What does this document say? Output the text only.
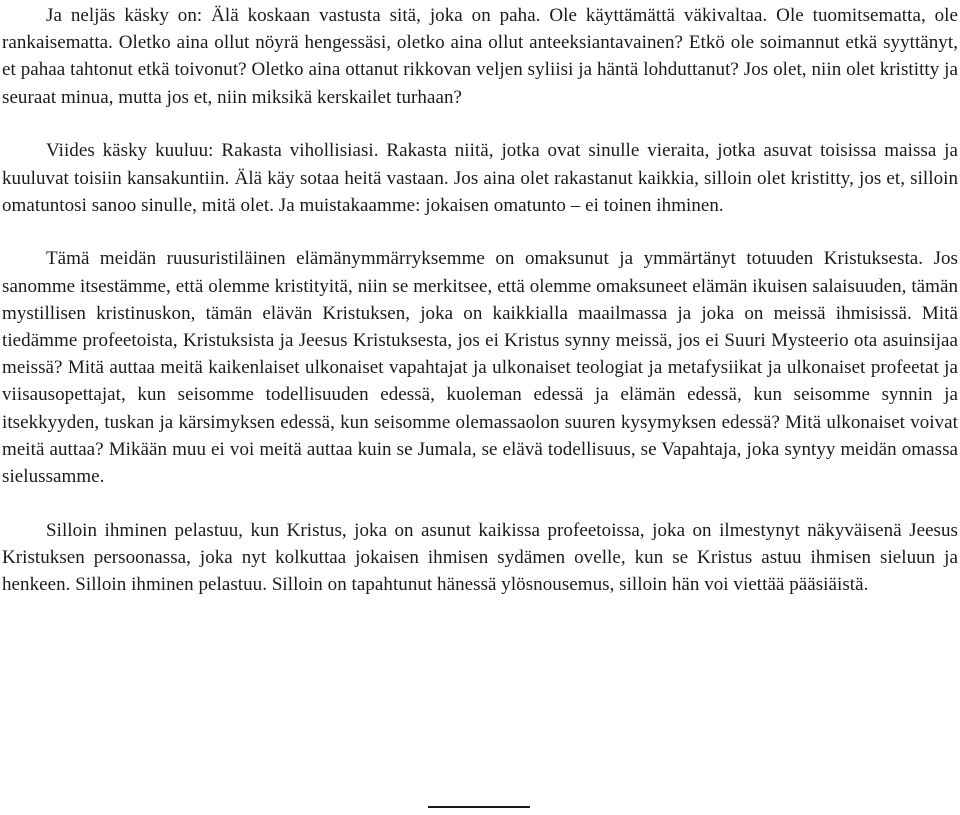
Ja neljäs käsky on: Älä koskaan vastusta sitä, joka on paha. Ole käyttämättä väkivaltaa. Ole tuomitsematta, ole rankaisematta. Oletko aina ollut nöyrä hengessäsi, oletko aina ollut anteeksiantavainen? Etkö ole soimannut etkä syyttänyt, et pahaa tahtonut etkä toivonut? Oletko aina ottanut rikkovan veljen syliisi ja häntä lohduttanut? Jos olet, niin olet kristitty ja seuraat minua, mutta jos et, niin miksikä kerskailet turhaan?

Viides käsky kuuluu: Rakasta vihollisiasi. Rakasta niitä, jotka ovat sinulle vieraita, jotka asuvat toisissa maissa ja kuuluvat toisiin kansakuntiin. Älä käy sotaa heitä vastaan. Jos aina olet rakastanut kaikkia, silloin olet kristitty, jos et, silloin omatuntosi sanoo sinulle, mitä olet. Ja muistakaamme: jokaisen omatunto – ei toinen ihminen.

Tämä meidän ruusuristiläinen elämänymmärryksemme on omaksunut ja ymmärtänyt totuuden Kristuksesta. Jos sanomme itsestämme, että olemme kristityitä, niin se merkitsee, että olemme omaksuneet elämän ikuisen salaisuuden, tämän mystillisen kristinuskon, tämän elävän Kristuksen, joka on kaikkialla maailmassa ja joka on meissä ihmisissä. Mitä tiedämme profeetoista, Kristuksista ja Jeesus Kristuksesta, jos ei Kristus synny meissä, jos ei Suuri Mysteerio ota asuinsijaa meissä? Mitä auttaa meitä kaikenlaiset ulkonaiset vapahtajat ja ulkonaiset teologiat ja metafysiikat ja ulkonaiset profeetat ja viisausopettajat, kun seisomme todellisuuden edessä, kuoleman edessä ja elämän edessä, kun seisomme synnin ja itsekkyyden, tuskan ja kärsimyksen edessä, kun seisomme olemassaolon suuren kysymyksen edessä? Mitä ulkonaiset voivat meitä auttaa? Mikään muu ei voi meitä auttaa kuin se Jumala, se elävä todellisuus, se Vapahtaja, joka syntyy meidän omassa sielussamme.

Silloin ihminen pelastuu, kun Kristus, joka on asunut kaikissa profeetoissa, joka on ilmestynyt näkyväisenä Jeesus Kristuksen persoonassa, joka nyt kolkuttaa jokaisen ihmisen sydämen ovelle, kun se Kristus astuu ihmisen sieluun ja henkeen. Silloin ihminen pelastuu. Silloin on tapahtunut hänessä ylösnousemus, silloin hän voi viettää pääsiäistä.
